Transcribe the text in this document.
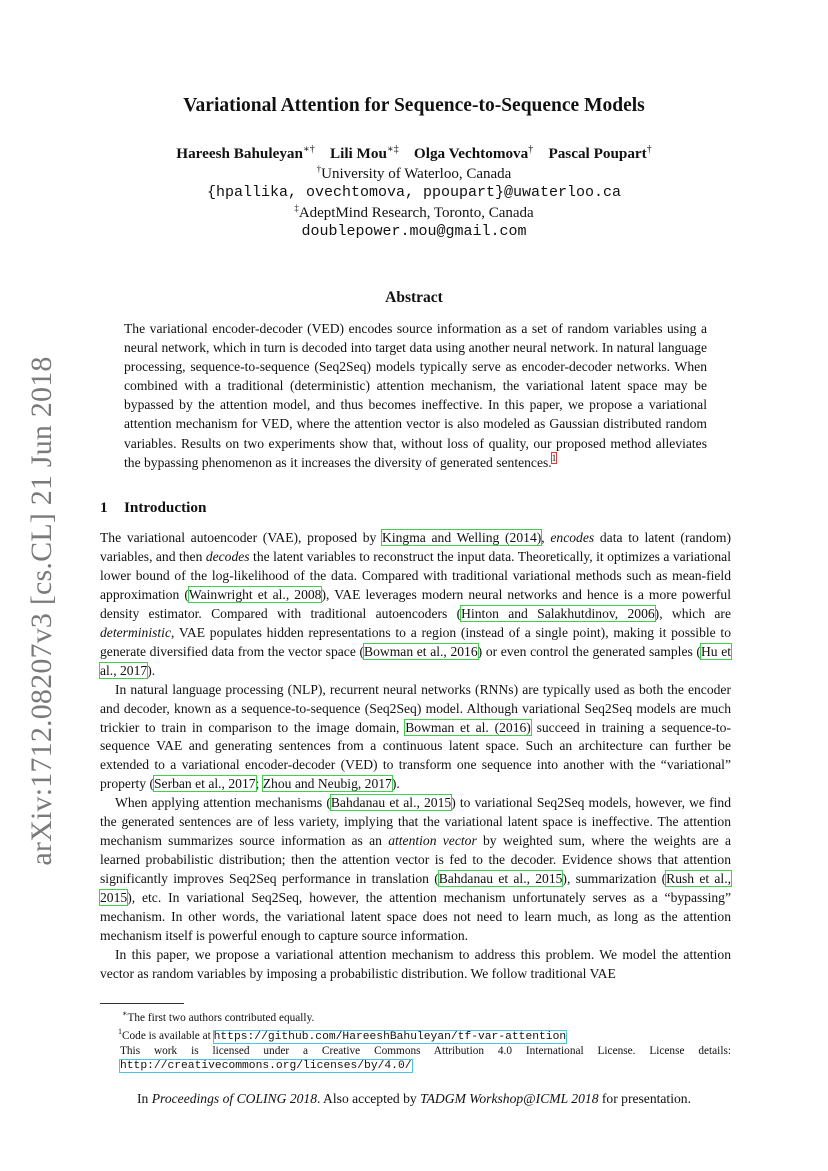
Variational Attention for Sequence-to-Sequence Models
Hareesh Bahuleyan∗† Lili Mou∗‡ Olga Vechtomova† Pascal Poupart†
†University of Waterloo, Canada
{hpallika, ovechtomova, ppoupart}@uwaterloo.ca
‡AdeptMind Research, Toronto, Canada
doublepower.mou@gmail.com
arXiv:1712.08207v3 [cs.CL] 21 Jun 2018
Abstract
The variational encoder-decoder (VED) encodes source information as a set of random variables using a neural network, which in turn is decoded into target data using another neural network. In natural language processing, sequence-to-sequence (Seq2Seq) models typically serve as encoder-decoder networks. When combined with a traditional (deterministic) attention mechanism, the variational latent space may be bypassed by the attention model, and thus becomes ineffective. In this paper, we propose a variational attention mechanism for VED, where the attention vector is also modeled as Gaussian distributed random variables. Results on two experiments show that, without loss of quality, our proposed method alleviates the bypassing phenomenon as it increases the diversity of generated sentences.$^1$
1 Introduction

The variational autoencoder (VAE), proposed by Kingma and Welling (2014), encodes data to latent (random) variables, and then decodes the latent variables to reconstruct the input data. Theoretically, it optimizes a variational lower bound of the log-likelihood of the data. Compared with traditional variational methods such as mean-field approximation (Wainwright et al., 2008), VAE leverages modern neural networks and hence is a more powerful density estimator. Compared with traditional autoencoders (Hinton and Salakhutdinov, 2006), which are deterministic, VAE populates hidden representations to a region (instead of a single point), making it possible to generate diversified data from the vector space (Bowman et al., 2016) or even control the generated samples (Hu et al., 2017).

In natural language processing (NLP), recurrent neural networks (RNNs) are typically used as both the encoder and decoder, known as a sequence-to-sequence (Seq2Seq) model. Although variational Seq2Seq models are much trickier to train in comparison to the image domain, Bowman et al. (2016) succeed in training a sequence-to-sequence VAE and generating sentences from a continuous latent space. Such an architecture can further be extended to a variational encoder-decoder (VED) to transform one sequence into another with the “variational” property (Serban et al., 2017; Zhou and Neubig, 2017).

When applying attention mechanisms (Bahdanau et al., 2015) to variational Seq2Seq models, however, we find the generated sentences are of less variety, implying that the variational latent space is ineffective. The attention mechanism summarizes source information as an attention vector by weighted sum, where the weights are a learned probabilistic distribution; then the attention vector is fed to the decoder. Evidence shows that attention significantly improves Seq2Seq performance in translation (Bahdanau et al., 2015), summarization (Rush et al., 2015), etc. In variational Seq2Seq, however, the attention mechanism unfortunately serves as a “bypassing” mechanism. In other words, the variational latent space does not need to learn much, as long as the attention mechanism itself is powerful enough to capture source information.

In this paper, we propose a variational attention mechanism to address this problem. We model the attention vector as random variables by imposing a probabilistic distribution. We follow traditional VAE

∗The first two authors contributed equally.
$^1$Code is available at https://github.com/HareeshBahuleyan/tf-var-attention
This work is licensed under a Creative Commons Attribution 4.0 International License. License details: http://creativecommons.org/licenses/by/4.0/
In Proceedings of COLING 2018. Also accepted by TADGM Workshop@ICML 2018 for presentation.
